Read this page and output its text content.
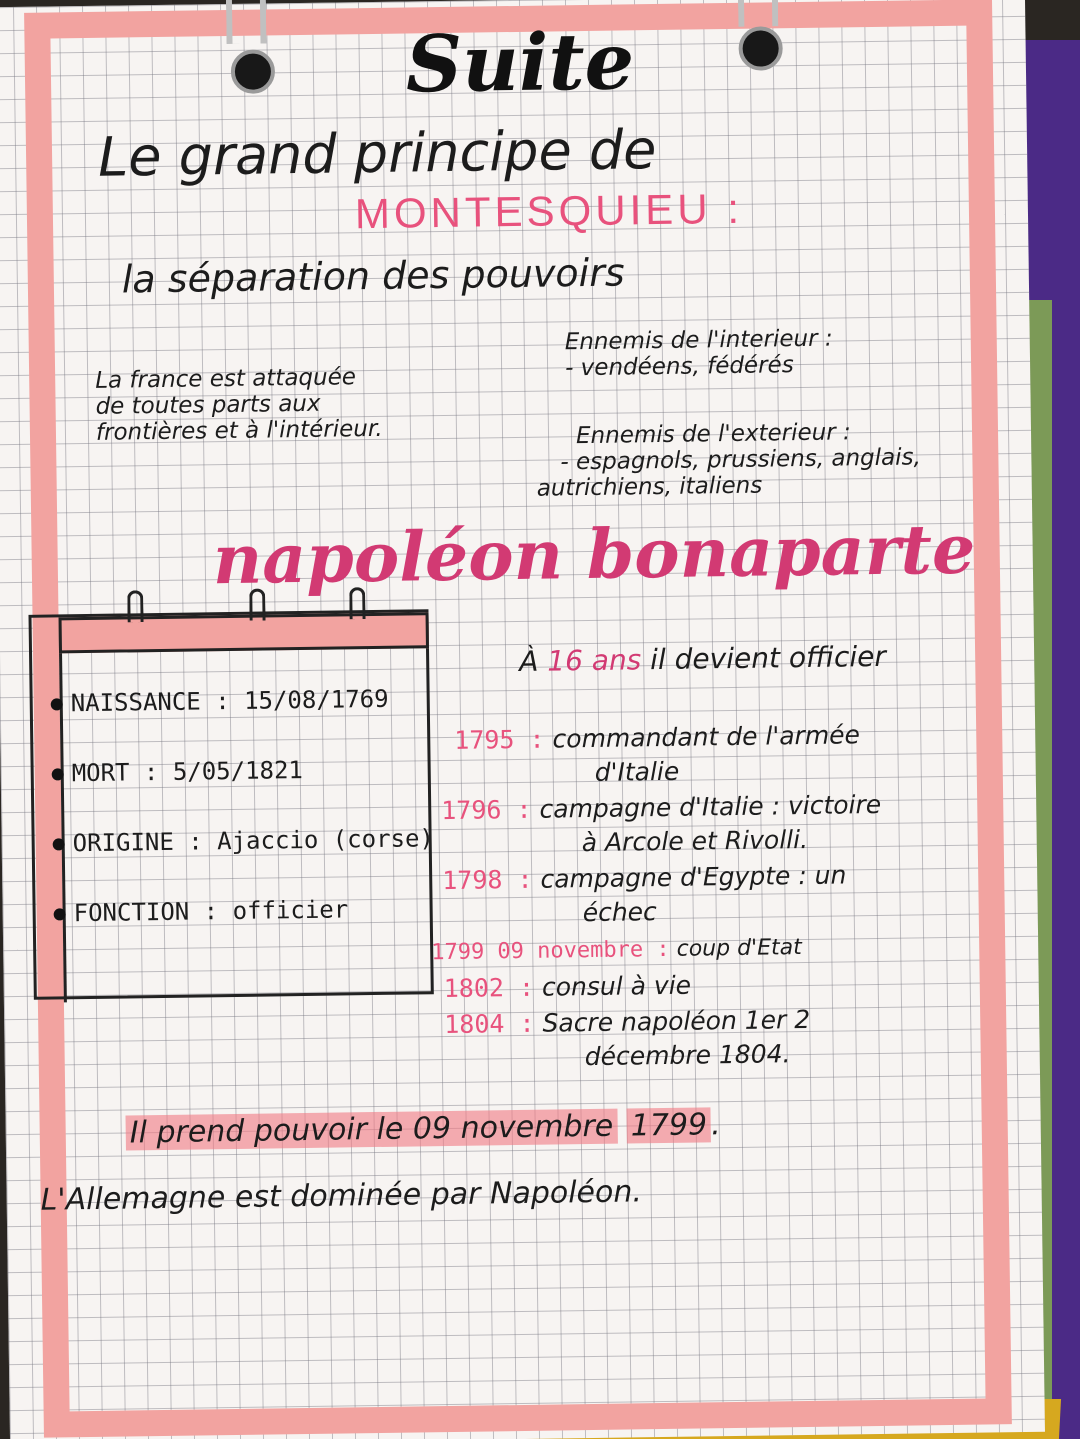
Suite
Le grand principe de
MONTESQUIEU :
la séparation des pouvoirs
La france est attaquée
de toutes parts aux
frontières et à l'intérieur.
Ennemis de l'interieur :
- vendéens, fédérés
Ennemis de l'exterieur :
- espagnols, prussiens, anglais,
autrichiens, italiens
napoléon bonaparte
NAISSANCE : 15/08/1769
MORT : 5/05/1821
ORIGINE : Ajaccio (corse)
FONCTION : officier
À 16 ans il devient officier
1795 : commandant de l'armée
d'Italie
1796 : campagne d'Italie : victoire
à Arcole et Rivolli.
1798 : campagne d'Egypte : un
échec
1799 09 novembre : coup d'Etat
1802 : consul à vie
1804 : Sacre napoléon 1er 2
décembre 1804.
Il prend pouvoir le 09 novembre 1799 .
L'Allemagne est dominée par Napoléon.
